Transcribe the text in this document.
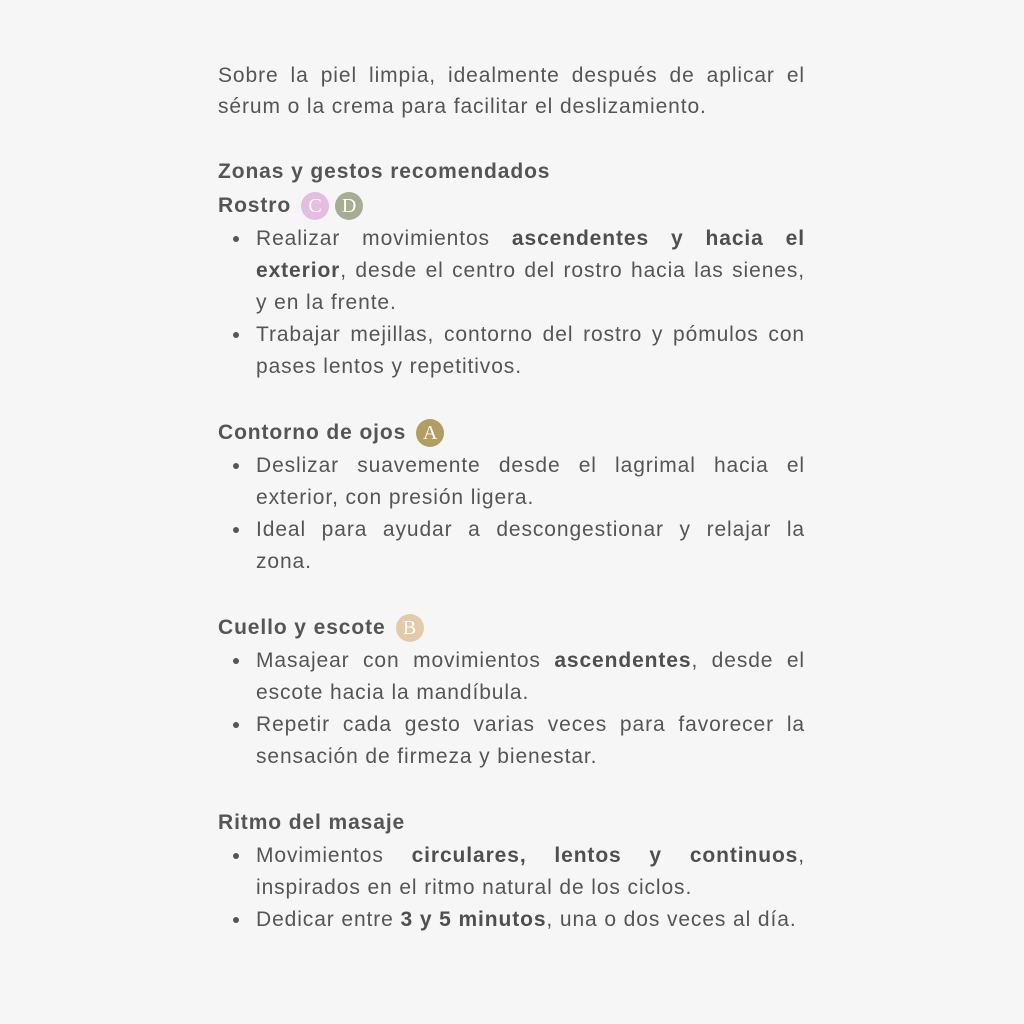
Sobre la piel limpia, idealmente después de aplicar el sérum o la crema para facilitar el deslizamiento.

Zonas y gestos recomendados

Rostro C	D

Realizar movimientos ascendentes y hacia el exterior, desde el centro del rostro hacia las sienes, y en la frente.
Trabajar mejillas, contorno del rostro y pómulos con pases lentos y repetitivos.

Contorno de ojos A

Deslizar suavemente desde el lagrimal hacia el exterior, con presión ligera.
Ideal para ayudar a descongestionar y relajar la zona.

Cuello y escote B

Masajear con movimientos ascendentes, desde el escote hacia la mandíbula.
Repetir cada gesto varias veces para favorecer la sensación de firmeza y bienestar.

Ritmo del masaje

Movimientos circulares, lentos y continuos, inspirados en el ritmo natural de los ciclos.
Dedicar entre 3 y 5 minutos, una o dos veces al día.
